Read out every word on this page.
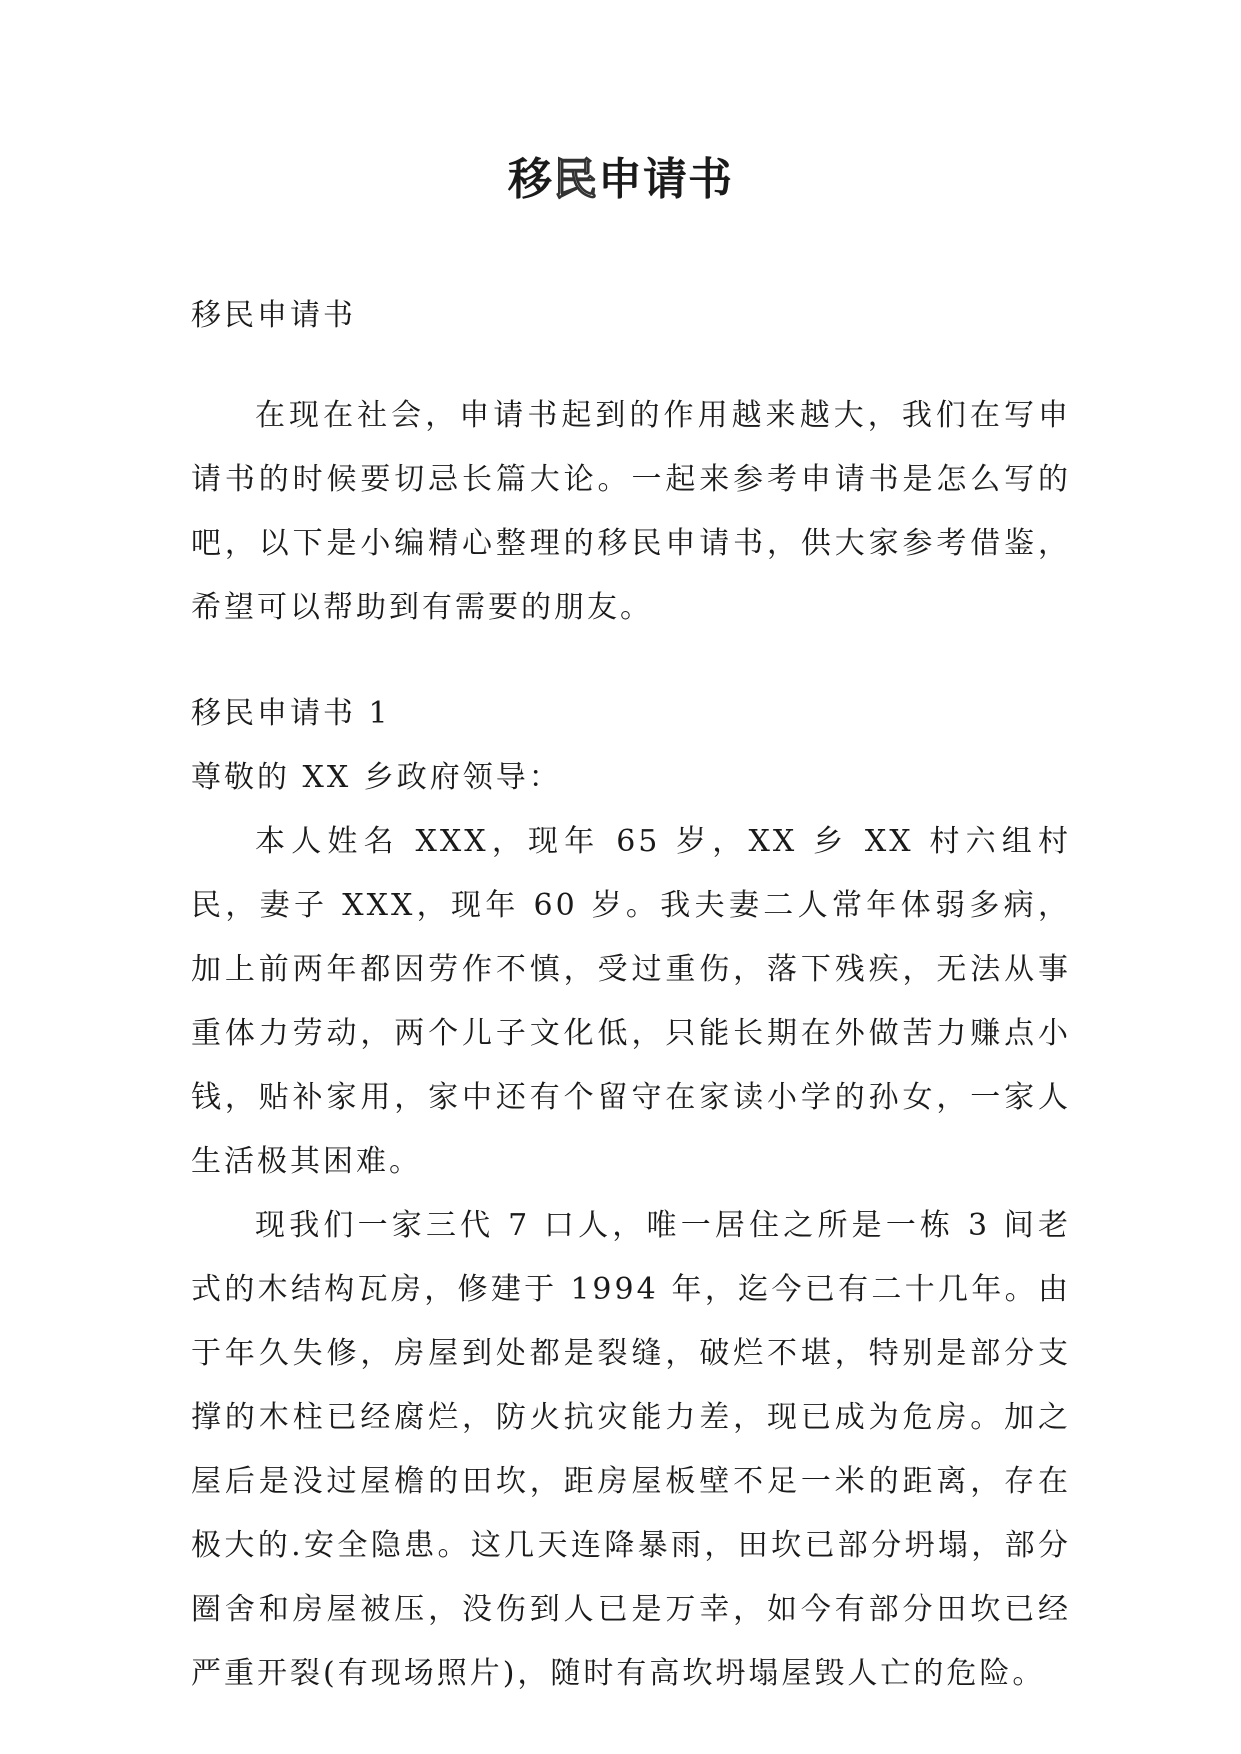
移民申请书

移民申请书

在现在社会，申请书起到的作用越来越大，我们在写申请书的时候要切忌长篇大论。一起来参考申请书是怎么写的吧，以下是小编精心整理的移民申请书，供大家参考借鉴，希望可以帮助到有需要的朋友。

移民申请书 1

尊敬的 XX 乡政府领导：

本人姓名 XXX，现年 65 岁，XX 乡 XX 村六组村民，妻子 XXX，现年 60 岁。我夫妻二人常年体弱多病，加上前两年都因劳作不慎，受过重伤，落下残疾，无法从事重体力劳动，两个儿子文化低，只能长期在外做苦力赚点小钱，贴补家用，家中还有个留守在家读小学的孙女，一家人生活极其困难。

现我们一家三代 7 口人，唯一居住之所是一栋 3 间老式的木结构瓦房，修建于 1994 年，迄今已有二十几年。由于年久失修，房屋到处都是裂缝，破烂不堪，特别是部分支撑的木柱已经腐烂，防火抗灾能力差，现已成为危房。加之屋后是没过屋檐的田坎，距房屋板壁不足一米的距离，存在极大的.安全隐患。这几天连降暴雨，田坎已部分坍塌，部分圈舍和房屋被压，没伤到人已是万幸，如今有部分田坎已经严重开裂(有现场照片)，随时有高坎坍塌屋毁人亡的危险。
